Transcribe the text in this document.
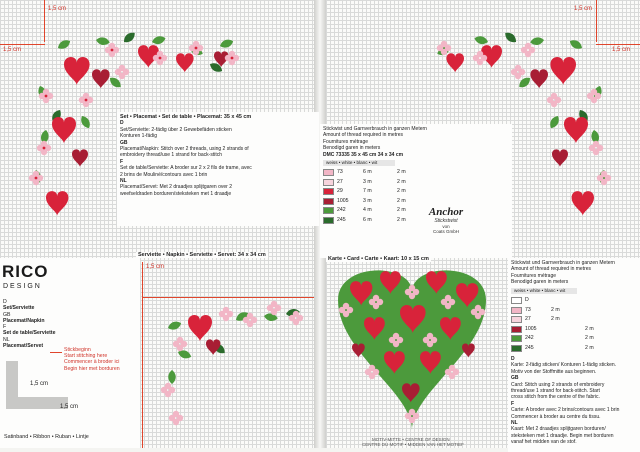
1,5 cm
1,5 cm
1,5 cm
1,5 cm
1,5 cm
Set • Placemat • Set de table • Placemat: 35 x 45 cm
D
Set/Serviette: 2-fädig über 2 Gewebefäden sticken
Konturen 1-fädig
GB
Placemat/Napkin: Stitch over 2 threads, using 2 strands of
embroidery thread/use 1 strand for back-stitch
F
Set de table/Serviette: A broder sur 2 x 2 fils de trame, avec
2 brins de Mouliné/contours avec 1 brin
NL
Placemat/Servet: Met 2 draadjes splijtgaren over 2
weefseldraden borduren/steksteken met 1 draadje
Serviette • Napkin • Serviette • Servet: 34 x 34 cm
RICO
DESIGN
D
Set/Serviette
GB
Placemat/Napkin
F
Set de table/Serviette
NL
Placemat/Servet
Stickbeginn
Start stitching here
Commencer à broder ici
Begin hier met borduren
1,5 cm
1,5 cm
Satinband • Ribbon • Ruban • Lintje
Stickwist und Garnverbrauch in ganzen Metern
Amount of thread required in metres
Fournitures métrage
Benodigd garen in meters
DMC 73335 35 x 45 cm 34 x 34 cm
weiss • white • blanc • wit
73	6 m	2 m
27	3 m	2 m
29	7 m	2 m
1005	3 m	2 m
242	4 m	2 m
245	6 m	2 m
Anchor
Stickstwist
von
Coats GmbH
Karte • Card • Carte • Kaart: 10 x 15 cm
Stickwist und Garnverbrauch in ganzen Metern
Amount of thread required in metres
Fournitures métrage
Benodigd garen in meters
weiss • white • blanc • wit
D
73	2 m
27	2 m
1005	2 m
242	2 m
245	2 m
D
Karte: 2-fädig sticken/ Konturen 1-fädig sticken.
Motiv von der Stoffmitte aus beginnen.
GB
Card: Stitch using 2 strands of embroidery
thread/use 1 strand for back-stitch. Start
cross stitch from the centre of the fabric.
F
Carte: A broder avec 2 brins/contours avec 1 brin
Commencer à broder au centre du tissu.
NL
Kaart: Met 2 draadjes splijtgaren borduren/
steksteken met 1 draadje. Begin met borduren
vanaf het midden van de stof.
MOTIV-MITTE • CENTRE OF DESIGN
CENTRE DU MOTIF • MIDDEN VAN HET MOTIEF
